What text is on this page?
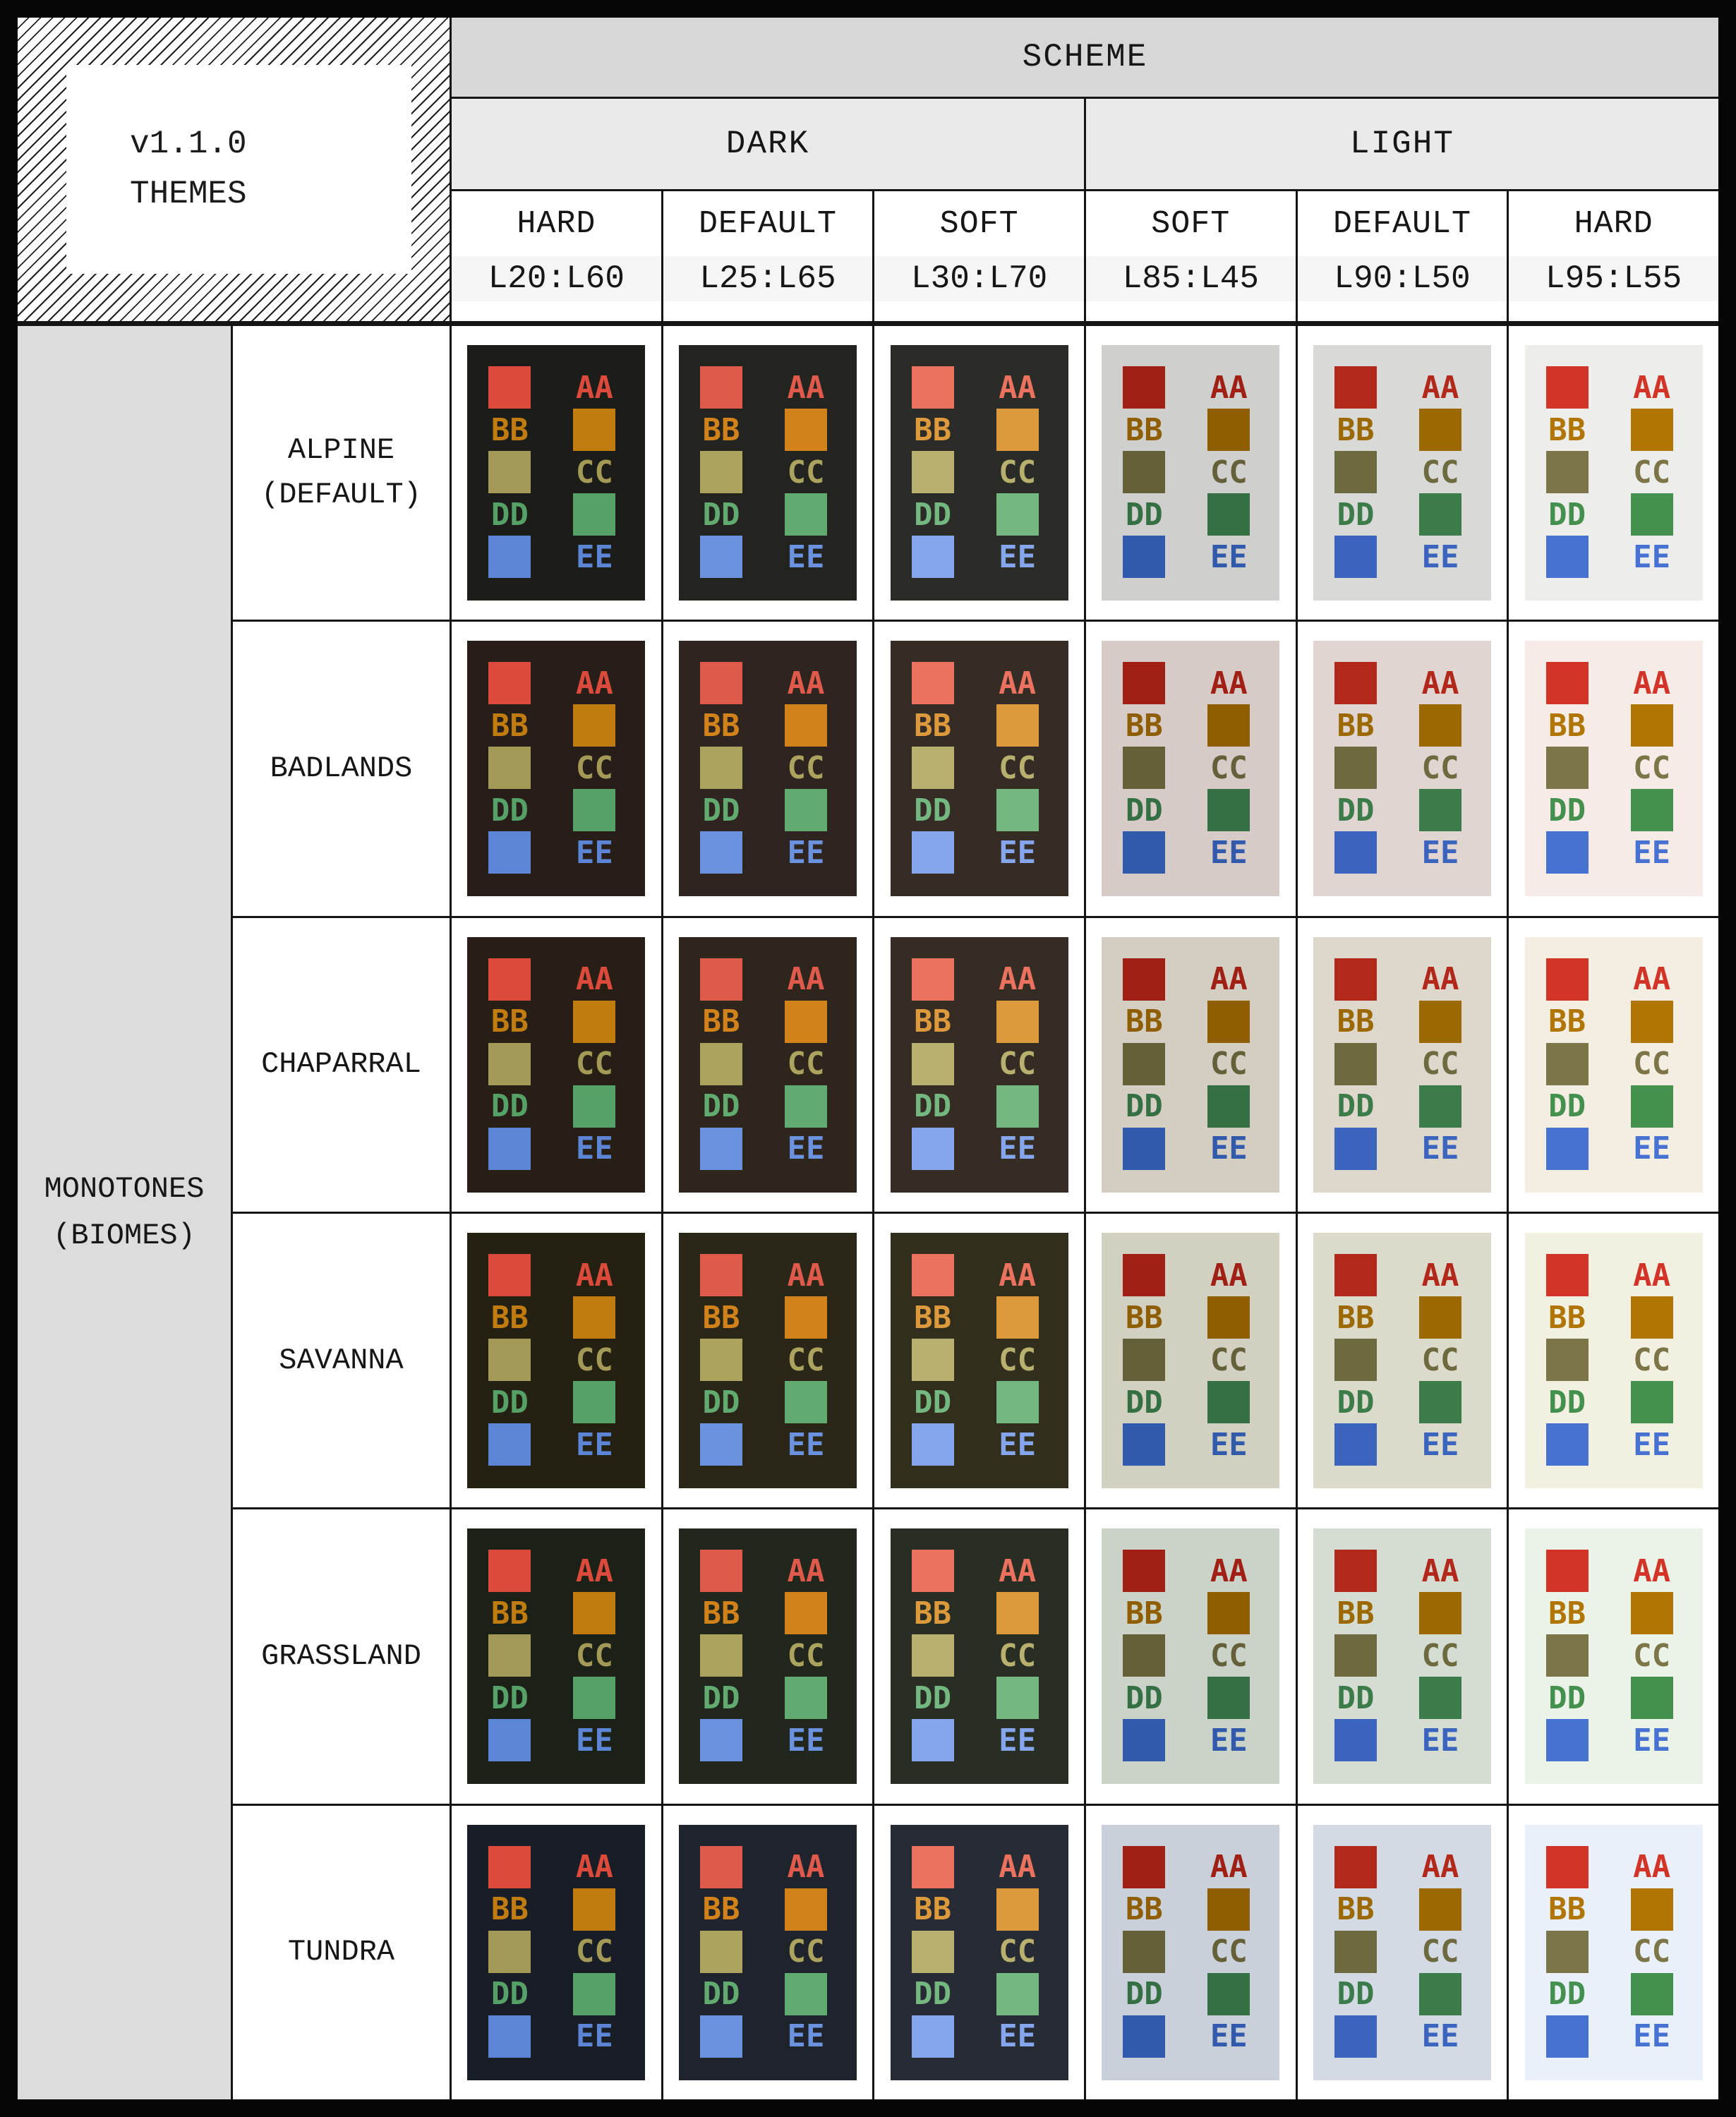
v1.1.0
THEMES
SCHEME
DARK	LIGHT
MONOTONES
(BIOMES)
HARD
L20:L60
DEFAULT
L25:L65
SOFT
L30:L70
SOFT
L85:L45
DEFAULT
L90:L50
HARD
L95:L55
ALPINE
(DEFAULT)
AA
BB
CC
DD
EE
AA
BB
CC
DD
EE
AA
BB
CC
DD
EE
AA
BB
CC
DD
EE
AA
BB
CC
DD
EE
AA
BB
CC
DD
EE
BADLANDS
AA
BB
CC
DD
EE
AA
BB
CC
DD
EE
AA
BB
CC
DD
EE
AA
BB
CC
DD
EE
AA
BB
CC
DD
EE
AA
BB
CC
DD
EE
CHAPARRAL
AA
BB
CC
DD
EE
AA
BB
CC
DD
EE
AA
BB
CC
DD
EE
AA
BB
CC
DD
EE
AA
BB
CC
DD
EE
AA
BB
CC
DD
EE
SAVANNA
AA
BB
CC
DD
EE
AA
BB
CC
DD
EE
AA
BB
CC
DD
EE
AA
BB
CC
DD
EE
AA
BB
CC
DD
EE
AA
BB
CC
DD
EE
GRASSLAND
AA
BB
CC
DD
EE
AA
BB
CC
DD
EE
AA
BB
CC
DD
EE
AA
BB
CC
DD
EE
AA
BB
CC
DD
EE
AA
BB
CC
DD
EE
TUNDRA
AA
BB
CC
DD
EE
AA
BB
CC
DD
EE
AA
BB
CC
DD
EE
AA
BB
CC
DD
EE
AA
BB
CC
DD
EE
AA
BB
CC
DD
EE
